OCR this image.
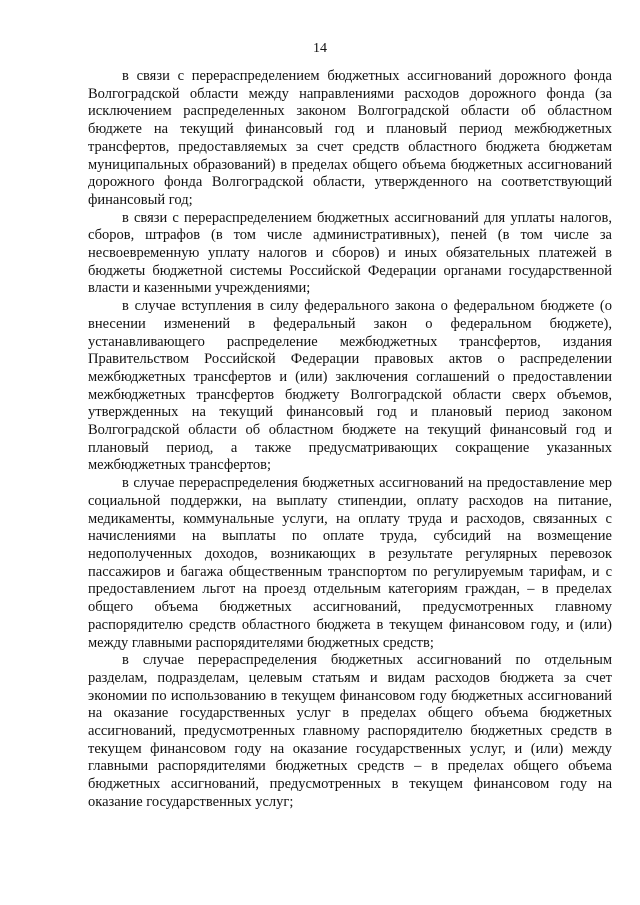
14

в связи с перераспределением бюджетных ассигнований дорожного фонда Волгоградской области между направлениями расходов дорожного фонда (за исключением распределенных законом Волгоградской области об областном бюджете на текущий финансовый год и плановый период межбюджетных трансфертов, предоставляемых за счет средств областного бюджета бюджетам муниципальных образований) в пределах общего объема бюджетных ассигнований дорожного фонда Волгоградской области, утвержденного на соответствующий финансовый год;

в связи с перераспределением бюджетных ассигнований для уплаты налогов, сборов, штрафов (в том числе административных), пеней (в том числе за несвоевременную уплату налогов и сборов) и иных обязательных платежей в бюджеты бюджетной системы Российской Федерации органами государственной власти и казенными учреждениями;

в случае вступления в силу федерального закона о федеральном бюджете (о внесении изменений в федеральный закон о федеральном бюджете), устанавливающего распределение межбюджетных трансфертов, издания Правительством Российской Федерации правовых актов о распределении межбюджетных трансфертов и (или) заключения соглашений о предоставлении межбюджетных трансфертов бюджету Волгоградской области сверх объемов, утвержденных на текущий финансовый год и плановый период законом Волгоградской области об областном бюджете на текущий финансовый год и плановый период, а также предусматривающих сокращение указанных межбюджетных трансфертов;

в случае перераспределения бюджетных ассигнований на предоставление мер социальной поддержки, на выплату стипендии, оплату расходов на питание, медикаменты, коммунальные услуги, на оплату труда и расходов, связанных с начислениями на выплаты по оплате труда, субсидий на возмещение недополученных доходов, возникающих в результате регулярных перевозок пассажиров и багажа общественным транспортом по регулируемым тарифам, и с предоставлением льгот на проезд отдельным категориям граждан, – в пределах общего объема бюджетных ассигнований, предусмотренных главному распорядителю средств областного бюджета в текущем финансовом году, и (или) между главными распорядителями бюджетных средств;

в случае перераспределения бюджетных ассигнований по отдельным разделам, подразделам, целевым статьям и видам расходов бюджета за счет экономии по использованию в текущем финансовом году бюджетных ассигнований на оказание государственных услуг в пределах общего объема бюджетных ассигнований, предусмотренных главному распорядителю бюджетных средств в текущем финансовом году на оказание государственных услуг, и (или) между главными распорядителями бюджетных средств – в пределах общего объема бюджетных ассигнований, предусмотренных в текущем финансовом году на оказание государственных услуг;
